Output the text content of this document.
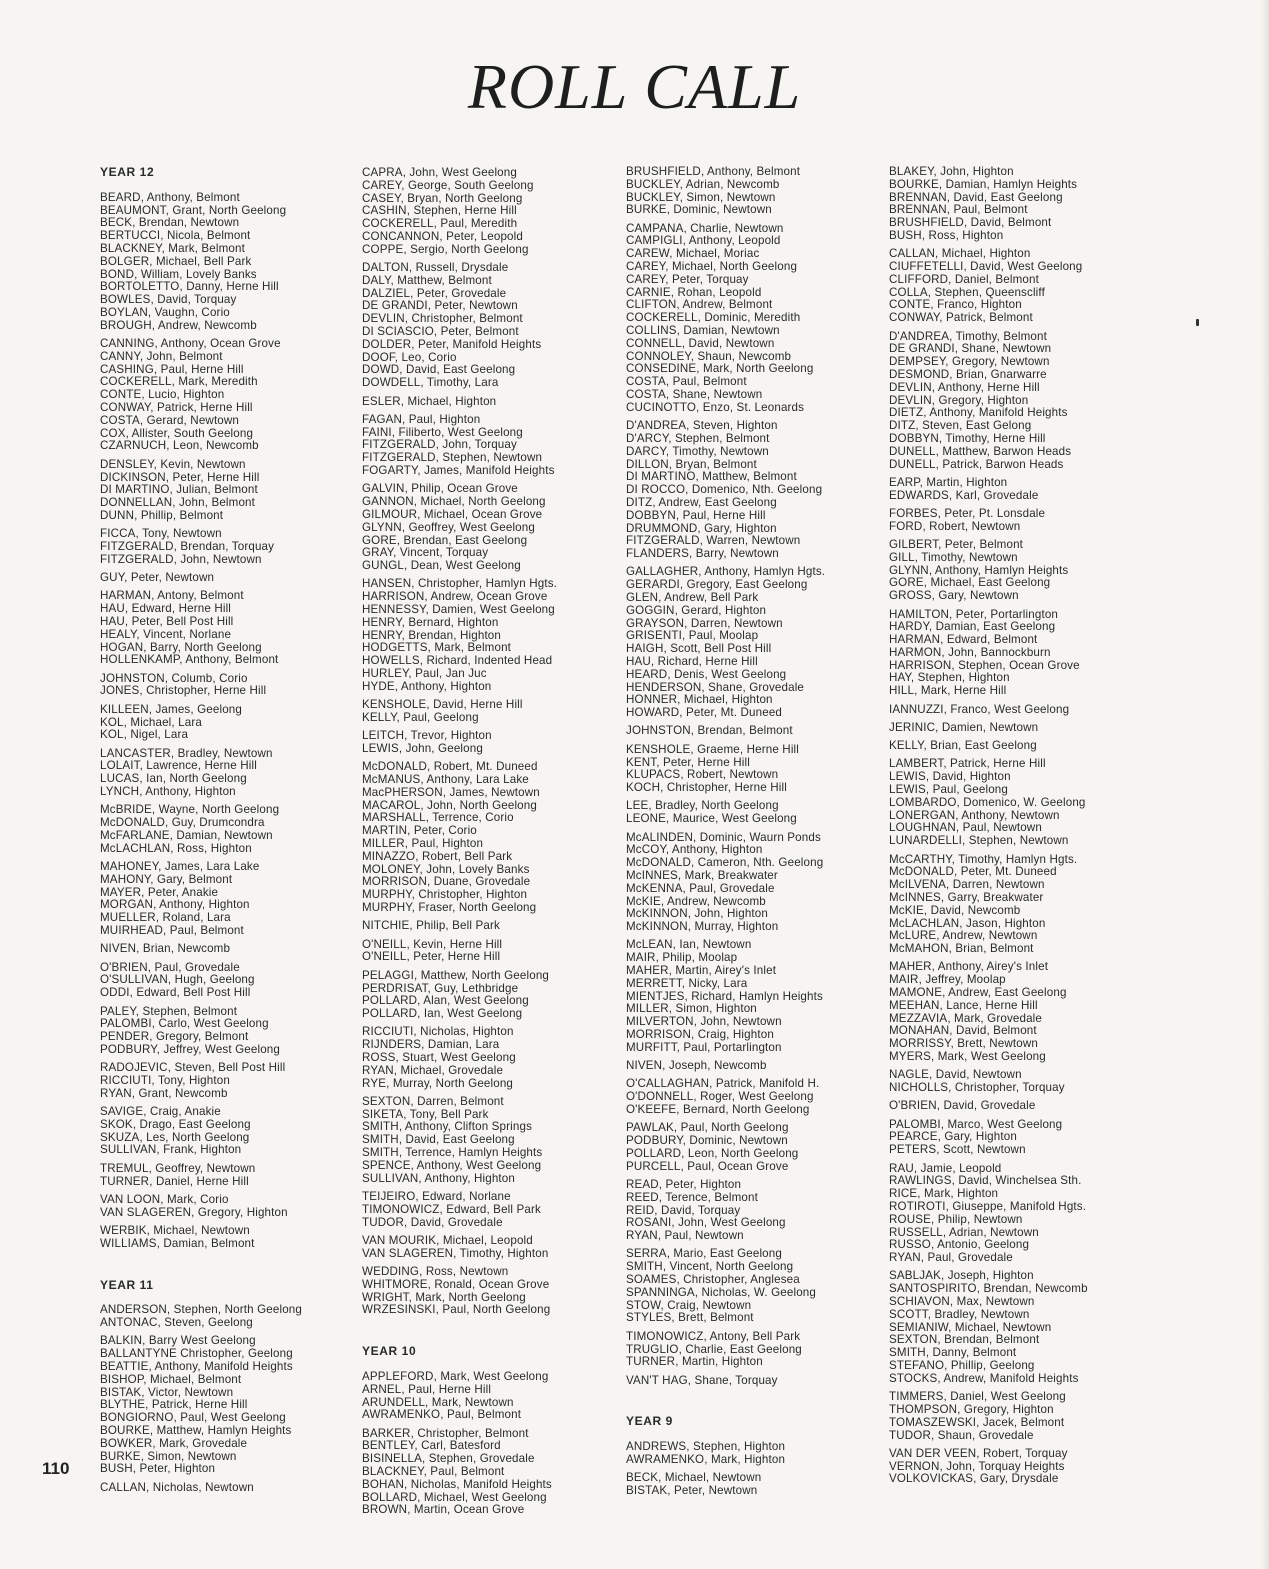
ROLL CALL
YEAR 12
BEARD, Anthony, Belmont
BEAUMONT, Grant, North Geelong
BECK, Brendan, Newtown
BERTUCCI, Nicola, Belmont
BLACKNEY, Mark, Belmont
BOLGER, Michael, Bell Park
BOND, William, Lovely Banks
BORTOLETTO, Danny, Herne Hill
BOWLES, David, Torquay
BOYLAN, Vaughn, Corio
BROUGH, Andrew, Newcomb
CANNING, Anthony, Ocean Grove
CANNY, John, Belmont
CASHING, Paul, Herne Hill
COCKERELL, Mark, Meredith
CONTE, Lucio, Highton
CONWAY, Patrick, Herne Hill
COSTA, Gerard, Newtown
COX, Allister, South Geelong
CZARNUCH, Leon, Newcomb
DENSLEY, Kevin, Newtown
DICKINSON, Peter, Herne Hill
DI MARTINO, Julian, Belmont
DONNELLAN, John, Belmont
DUNN, Phillip, Belmont
FICCA, Tony, Newtown
FITZGERALD, Brendan, Torquay
FITZGERALD, John, Newtown
GUY, Peter, Newtown
HARMAN, Antony, Belmont
HAU, Edward, Herne Hill
HAU, Peter, Bell Post Hill
HEALY, Vincent, Norlane
HOGAN, Barry, North Geelong
HOLLENKAMP, Anthony, Belmont
JOHNSTON, Columb, Corio
JONES, Christopher, Herne Hill
KILLEEN, James, Geelong
KOL, Michael, Lara
KOL, Nigel, Lara
LANCASTER, Bradley, Newtown
LOLAIT, Lawrence, Herne Hill
LUCAS, Ian, North Geelong
LYNCH, Anthony, Highton
McBRIDE, Wayne, North Geelong
McDONALD, Guy, Drumcondra
McFARLANE, Damian, Newtown
McLACHLAN, Ross, Highton
MAHONEY, James, Lara Lake
MAHONY, Gary, Belmont
MAYER, Peter, Anakie
MORGAN, Anthony, Highton
MUELLER, Roland, Lara
MUIRHEAD, Paul, Belmont
NIVEN, Brian, Newcomb
O'BRIEN, Paul, Grovedale
O'SULLIVAN, Hugh, Geelong
ODDI, Edward, Bell Post Hill
PALEY, Stephen, Belmont
PALOMBI, Carlo, West Geelong
PENDER, Gregory, Belmont
PODBURY, Jeffrey, West Geelong
RADOJEVIC, Steven, Bell Post Hill
RICCIUTI, Tony, Highton
RYAN, Grant, Newcomb
SAVIGE, Craig, Anakie
SKOK, Drago, East Geelong
SKUZA, Les, North Geelong
SULLIVAN, Frank, Highton
TREMUL, Geoffrey, Newtown
TURNER, Daniel, Herne Hill
VAN LOON, Mark, Corio
VAN SLAGEREN, Gregory, Highton
WERBIK, Michael, Newtown
WILLIAMS, Damian, Belmont
YEAR 11
ANDERSON, Stephen, North Geelong
ANTONAC, Steven, Geelong
BALKIN, Barry West Geelong
BALLANTYNE Christopher, Geelong
BEATTIE, Anthony, Manifold Heights
BISHOP, Michael, Belmont
BISTAK, Victor, Newtown
BLYTHE, Patrick, Herne Hill
BONGIORNO, Paul, West Geelong
BOURKE, Matthew, Hamlyn Heights
BOWKER, Mark, Grovedale
BURKE, Simon, Newtown
BUSH, Peter, Highton
CALLAN, Nicholas, Newtown
CAPRA, John, West Geelong
CAREY, George, South Geelong
CASEY, Bryan, North Geelong
CASHIN, Stephen, Herne Hill
COCKERELL, Paul, Meredith
CONCANNON, Peter, Leopold
COPPE, Sergio, North Geelong
DALTON, Russell, Drysdale
DALY, Matthew, Belmont
DALZIEL, Peter, Grovedale
DE GRANDI, Peter, Newtown
DEVLIN, Christopher, Belmont
DI SCIASCIO, Peter, Belmont
DOLDER, Peter, Manifold Heights
DOOF, Leo, Corio
DOWD, David, East Geelong
DOWDELL, Timothy, Lara
ESLER, Michael, Highton
FAGAN, Paul, Highton
FAINI, Filiberto, West Geelong
FITZGERALD, John, Torquay
FITZGERALD, Stephen, Newtown
FOGARTY, James, Manifold Heights
GALVIN, Philip, Ocean Grove
GANNON, Michael, North Geelong
GILMOUR, Michael, Ocean Grove
GLYNN, Geoffrey, West Geelong
GORE, Brendan, East Geelong
GRAY, Vincent, Torquay
GUNGL, Dean, West Geelong
HANSEN, Christopher, Hamlyn Hgts.
HARRISON, Andrew, Ocean Grove
HENNESSY, Damien, West Geelong
HENRY, Bernard, Highton
HENRY, Brendan, Highton
HODGETTS, Mark, Belmont
HOWELLS, Richard, Indented Head
HURLEY, Paul, Jan Juc
HYDE, Anthony, Highton
KENSHOLE, David, Herne Hill
KELLY, Paul, Geelong
LEITCH, Trevor, Highton
LEWIS, John, Geelong
McDONALD, Robert, Mt. Duneed
McMANUS, Anthony, Lara Lake
MacPHERSON, James, Newtown
MACAROL, John, North Geelong
MARSHALL, Terrence, Corio
MARTIN, Peter, Corio
MILLER, Paul, Highton
MINAZZO, Robert, Bell Park
MOLONEY, John, Lovely Banks
MORRISON, Duane, Grovedale
MURPHY, Christopher, Highton
MURPHY, Fraser, North Geelong
NITCHIE, Philip, Bell Park
O'NEILL, Kevin, Herne Hill
O'NEILL, Peter, Herne Hill
PELAGGI, Matthew, North Geelong
PERDRISAT, Guy, Lethbridge
POLLARD, Alan, West Geelong
POLLARD, Ian, West Geelong
RICCIUTI, Nicholas, Highton
RIJNDERS, Damian, Lara
ROSS, Stuart, West Geelong
RYAN, Michael, Grovedale
RYE, Murray, North Geelong
SEXTON, Darren, Belmont
SIKETA, Tony, Bell Park
SMITH, Anthony, Clifton Springs
SMITH, David, East Geelong
SMITH, Terrence, Hamlyn Heights
SPENCE, Anthony, West Geelong
SULLIVAN, Anthony, Highton
TEIJEIRO, Edward, Norlane
TIMONOWICZ, Edward, Bell Park
TUDOR, David, Grovedale
VAN MOURIK, Michael, Leopold
VAN SLAGEREN, Timothy, Highton
WEDDING, Ross, Newtown
WHITMORE, Ronald, Ocean Grove
WRIGHT, Mark, North Geelong
WRZESINSKI, Paul, North Geelong
YEAR 10
APPLEFORD, Mark, West Geelong
ARNEL, Paul, Herne Hill
ARUNDELL, Mark, Newtown
AWRAMENKO, Paul, Belmont
BARKER, Christopher, Belmont
BENTLEY, Carl, Batesford
BISINELLA, Stephen, Grovedale
BLACKNEY, Paul, Belmont
BOHAN, Nicholas, Manifold Heights
BOLLARD, Michael, West Geelong
BROWN, Martin, Ocean Grove
BRUSHFIELD, Anthony, Belmont
BUCKLEY, Adrian, Newcomb
BUCKLEY, Simon, Newtown
BURKE, Dominic, Newtown
CAMPANA, Charlie, Newtown
CAMPIGLI, Anthony, Leopold
CAREW, Michael, Moriac
CAREY, Michael, North Geelong
CAREY, Peter, Torquay
CARNIE, Rohan, Leopold
CLIFTON, Andrew, Belmont
COCKERELL, Dominic, Meredith
COLLINS, Damian, Newtown
CONNELL, David, Newtown
CONNOLEY, Shaun, Newcomb
CONSEDINE, Mark, North Geelong
COSTA, Paul, Belmont
COSTA, Shane, Newtown
CUCINOTTO, Enzo, St. Leonards
D'ANDREA, Steven, Highton
D'ARCY, Stephen, Belmont
DARCY, Timothy, Newtown
DILLON, Bryan, Belmont
DI MARTINO, Matthew, Belmont
DI ROCCO, Domenico, Nth. Geelong
DITZ, Andrew, East Geelong
DOBBYN, Paul, Herne Hill
DRUMMOND, Gary, Highton
FITZGERALD, Warren, Newtown
FLANDERS, Barry, Newtown
GALLAGHER, Anthony, Hamlyn Hgts.
GERARDI, Gregory, East Geelong
GLEN, Andrew, Bell Park
GOGGIN, Gerard, Highton
GRAYSON, Darren, Newtown
GRISENTI, Paul, Moolap
HAIGH, Scott, Bell Post Hill
HAU, Richard, Herne Hill
HEARD, Denis, West Geelong
HENDERSON, Shane, Grovedale
HONNER, Michael, Highton
HOWARD, Peter, Mt. Duneed
JOHNSTON, Brendan, Belmont
KENSHOLE, Graeme, Herne Hill
KENT, Peter, Herne Hill
KLUPACS, Robert, Newtown
KOCH, Christopher, Herne Hill
LEE, Bradley, North Geelong
LEONE, Maurice, West Geelong
McALINDEN, Dominic, Waurn Ponds
McCOY, Anthony, Highton
McDONALD, Cameron, Nth. Geelong
McINNES, Mark, Breakwater
McKENNA, Paul, Grovedale
McKIE, Andrew, Newcomb
McKINNON, John, Highton
McKINNON, Murray, Highton
McLEAN, Ian, Newtown
MAIR, Philip, Moolap
MAHER, Martin, Airey's Inlet
MERRETT, Nicky, Lara
MIENTJES, Richard, Hamlyn Heights
MILLER, Simon, Highton
MILVERTON, John, Newtown
MORRISON, Craig, Highton
MURFITT, Paul, Portarlington
NIVEN, Joseph, Newcomb
O'CALLAGHAN, Patrick, Manifold H.
O'DONNELL, Roger, West Geelong
O'KEEFE, Bernard, North Geelong
PAWLAK, Paul, North Geelong
PODBURY, Dominic, Newtown
POLLARD, Leon, North Geelong
PURCELL, Paul, Ocean Grove
READ, Peter, Highton
REED, Terence, Belmont
REID, David, Torquay
ROSANI, John, West Geelong
RYAN, Paul, Newtown
SERRA, Mario, East Geelong
SMITH, Vincent, North Geelong
SOAMES, Christopher, Anglesea
SPANNINGA, Nicholas, W. Geelong
STOW, Craig, Newtown
STYLES, Brett, Belmont
TIMONOWICZ, Antony, Bell Park
TRUGLIO, Charlie, East Geelong
TURNER, Martin, Highton
VAN'T HAG, Shane, Torquay
YEAR 9
ANDREWS, Stephen, Highton
AWRAMENKO, Mark, Highton
BECK, Michael, Newtown
BISTAK, Peter, Newtown
BLAKEY, John, Highton
BOURKE, Damian, Hamlyn Heights
BRENNAN, David, East Geelong
BRENNAN, Paul, Belmont
BRUSHFIELD, David, Belmont
BUSH, Ross, Highton
CALLAN, Michael, Highton
CIUFFETELLI, David, West Geelong
CLIFFORD, Daniel, Belmont
COLLA, Stephen, Queenscliff
CONTE, Franco, Highton
CONWAY, Patrick, Belmont
D'ANDREA, Timothy, Belmont
DE GRANDI, Shane, Newtown
DEMPSEY, Gregory, Newtown
DESMOND, Brian, Gnarwarre
DEVLIN, Anthony, Herne Hill
DEVLIN, Gregory, Highton
DIETZ, Anthony, Manifold Heights
DITZ, Steven, East Gelong
DOBBYN, Timothy, Herne Hill
DUNELL, Matthew, Barwon Heads
DUNELL, Patrick, Barwon Heads
EARP, Martin, Highton
EDWARDS, Karl, Grovedale
FORBES, Peter, Pt. Lonsdale
FORD, Robert, Newtown
GILBERT, Peter, Belmont
GILL, Timothy, Newtown
GLYNN, Anthony, Hamlyn Heights
GORE, Michael, East Geelong
GROSS, Gary, Newtown
HAMILTON, Peter, Portarlington
HARDY, Damian, East Geelong
HARMAN, Edward, Belmont
HARMON, John, Bannockburn
HARRISON, Stephen, Ocean Grove
HAY, Stephen, Highton
HILL, Mark, Herne Hill
IANNUZZI, Franco, West Geelong
JERINIC, Damien, Newtown
KELLY, Brian, East Geelong
LAMBERT, Patrick, Herne Hill
LEWIS, David, Highton
LEWIS, Paul, Geelong
LOMBARDO, Domenico, W. Geelong
LONERGAN, Anthony, Newtown
LOUGHNAN, Paul, Newtown
LUNARDELLI, Stephen, Newtown
McCARTHY, Timothy, Hamlyn Hgts.
McDONALD, Peter, Mt. Duneed
McILVENA, Darren, Newtown
McINNES, Garry, Breakwater
McKIE, David, Newcomb
McLACHLAN, Jason, Highton
McLURE, Andrew, Newtown
McMAHON, Brian, Belmont
MAHER, Anthony, Airey's Inlet
MAIR, Jeffrey, Moolap
MAMONE, Andrew, East Geelong
MEEHAN, Lance, Herne Hill
MEZZAVIA, Mark, Grovedale
MONAHAN, David, Belmont
MORRISSY, Brett, Newtown
MYERS, Mark, West Geelong
NAGLE, David, Newtown
NICHOLLS, Christopher, Torquay
O'BRIEN, David, Grovedale
PALOMBI, Marco, West Geelong
PEARCE, Gary, Highton
PETERS, Scott, Newtown
RAU, Jamie, Leopold
RAWLINGS, David, Winchelsea Sth.
RICE, Mark, Highton
ROTIROTI, Giuseppe, Manifold Hgts.
ROUSE, Philip, Newtown
RUSSELL, Adrian, Newtown
RUSSO, Antonio, Geelong
RYAN, Paul, Grovedale
SABLJAK, Joseph, Highton
SANTOSPIRITO, Brendan, Newcomb
SCHIAVON, Max, Newtown
SCOTT, Bradley, Newtown
SEMIANIW, Michael, Newtown
SEXTON, Brendan, Belmont
SMITH, Danny, Belmont
STEFANO, Phillip, Geelong
STOCKS, Andrew, Manifold Heights
TIMMERS, Daniel, West Geelong
THOMPSON, Gregory, Highton
TOMASZEWSKI, Jacek, Belmont
TUDOR, Shaun, Grovedale
VAN DER VEEN, Robert, Torquay
VERNON, John, Torquay Heights
VOLKOVICKAS, Gary, Drysdale
110
